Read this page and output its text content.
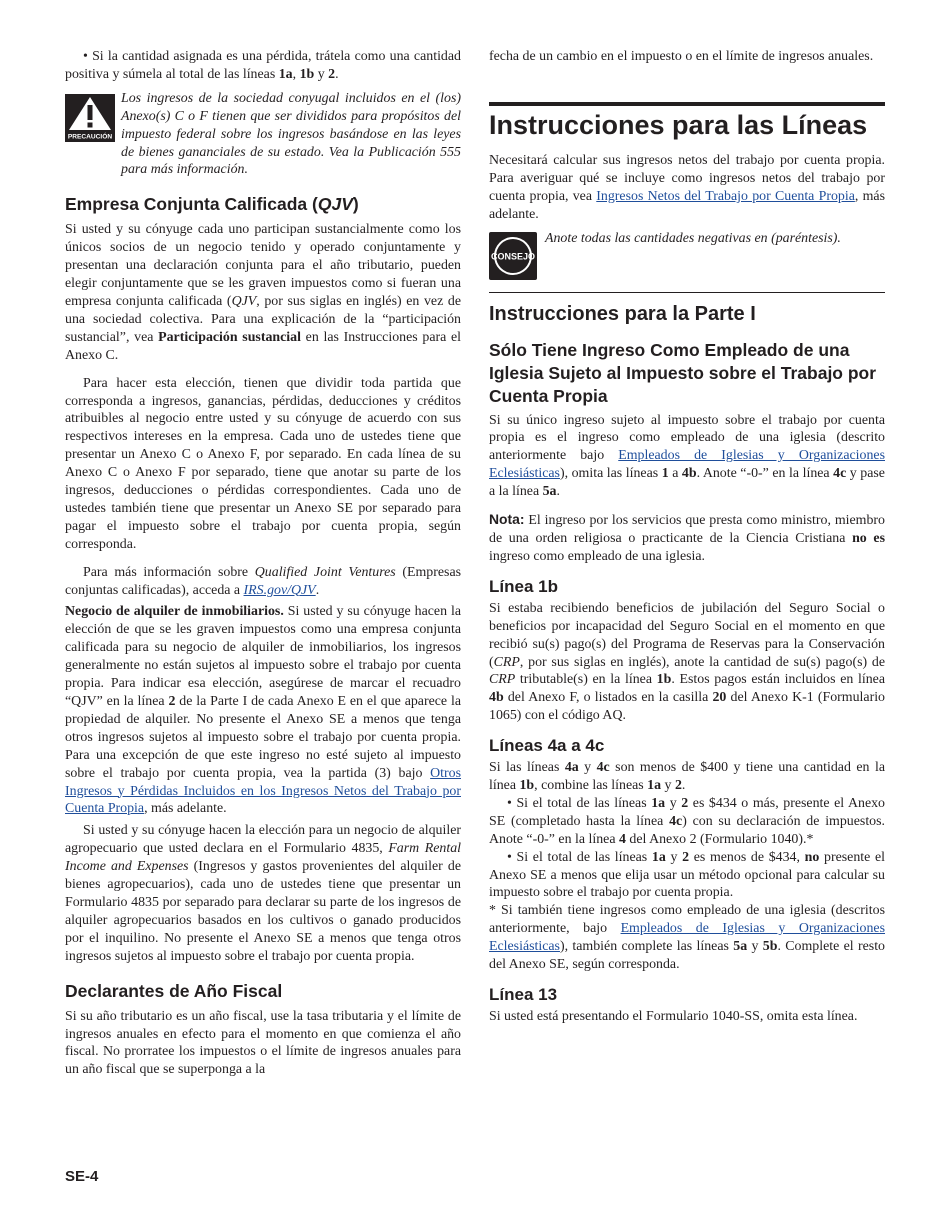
• Si la cantidad asignada es una pérdida, trátela como una cantidad positiva y súmela al total de las líneas 1a, 1b y 2.

PRECAUCIÓN

Los ingresos de la sociedad conyugal incluidos en el (los) Anexo(s) C o F tienen que ser divididos para propósitos del impuesto federal sobre los ingresos basándose en las leyes de bienes gananciales de su estado. Vea la Publicación 555 para más información.

Empresa Conjunta Calificada (QJV)

Si usted y su cónyuge cada uno participan sustancialmente como los únicos socios de un negocio tenido y operado conjuntamente y presentan una declaración conjunta para el año tributario, pueden elegir conjuntamente que se les graven impuestos como si fueran una empresa conjunta calificada (QJV, por sus siglas en inglés) en vez de una sociedad colectiva. Para una explicación de la “participación sustancial”, vea Participación sustancial en las Instrucciones para el Anexo C.

Para hacer esta elección, tienen que dividir toda partida que corresponda a ingresos, ganancias, pérdidas, deducciones y créditos atribuibles al negocio entre usted y su cónyuge de acuerdo con sus respectivos intereses en la empresa. Cada uno de ustedes tiene que presentar un Anexo C o Anexo F, por separado. En cada línea de su Anexo C o Anexo F por separado, tiene que anotar su parte de los ingresos, deducciones o pérdidas correspondientes. Cada uno de ustedes también tiene que presentar un Anexo SE por separado para pagar el impuesto sobre el trabajo por cuenta propia, según corresponda.

Para más información sobre Qualified Joint Ventures (Empresas conjuntas calificadas), acceda a IRS.gov/QJV.

Negocio de alquiler de inmobiliarios. Si usted y su cónyuge hacen la elección de que se les graven impuestos como una empresa conjunta calificada para su negocio de alquiler de inmobiliarios, los ingresos generalmente no están sujetos al impuesto sobre el trabajo por cuenta propia. Para indicar esa elección, asegúrese de marcar el recuadro “QJV” en la línea 2 de la Parte I de cada Anexo E en el que aparece la propiedad de alquiler. No presente el Anexo SE a menos que tenga otros ingresos sujetos al impuesto sobre el trabajo por cuenta propia. Para una excepción de que este ingreso no esté sujeto al impuesto sobre el trabajo por cuenta propia, vea la partida (3) bajo Otros Ingresos y Pérdidas Incluidos en los Ingresos Netos del Trabajo por Cuenta Propia, más adelante.

Si usted y su cónyuge hacen la elección para un negocio de alquiler agropecuario que usted declara en el Formulario 4835, Farm Rental Income and Expenses (Ingresos y gastos provenientes del alquiler de bienes agropecuarios), cada uno de ustedes tiene que presentar un Formulario 4835 por separado para declarar su parte de los ingresos de alquiler agropecuarios basados en los cultivos o ganado producidos por el inquilino. No presente el Anexo SE a menos que tenga otros ingresos sujetos al impuesto sobre el trabajo por cuenta propia.

Declarantes de Año Fiscal

Si su año tributario es un año fiscal, use la tasa tributaria y el límite de ingresos anuales en efecto para el momento en que comienza el año fiscal. No prorratee los impuestos o el límite de ingresos anuales para un año fiscal que se superponga a la

fecha de un cambio en el impuesto o en el límite de ingresos anuales.

Instrucciones para las Líneas

Necesitará calcular sus ingresos netos del trabajo por cuenta propia. Para averiguar qué se incluye como ingresos netos del trabajo por cuenta propia, vea Ingresos Netos del Trabajo por Cuenta Propia, más adelante.

CONSEJO

Anote todas las cantidades negativas en (paréntesis).

Instrucciones para la Parte I
Sólo Tiene Ingreso Como Empleado de una Iglesia Sujeto al Impuesto sobre el Trabajo por Cuenta Propia

Si su único ingreso sujeto al impuesto sobre el trabajo por cuenta propia es el ingreso como empleado de una iglesia (descrito anteriormente bajo Empleados de Iglesias y Organizaciones Eclesiásticas), omita las líneas 1 a 4b. Anote “-0-” en la línea 4c y pase a la línea 5a.

Nota: El ingreso por los servicios que presta como ministro, miembro de una orden religiosa o practicante de la Ciencia Cristiana no es ingreso como empleado de una iglesia.

Línea 1b

Si estaba recibiendo beneficios de jubilación del Seguro Social o beneficios por incapacidad del Seguro Social en el momento en que recibió su(s) pago(s) del Programa de Reservas para la Conservación (CRP, por sus siglas en inglés), anote la cantidad de su(s) pago(s) de CRP tributable(s) en la línea 1b. Estos pagos están incluidos en línea 4b del Anexo F, o listados en la casilla 20 del Anexo K-1 (Formulario 1065) con el código AQ.

Líneas 4a a 4c

Si las líneas 4a y 4c son menos de $400 y tiene una cantidad en la línea 1b, combine las líneas 1a y 2.

• Si el total de las líneas 1a y 2 es $434 o más, presente el Anexo SE (completado hasta la línea 4c) con su declaración de impuestos. Anote “-0-” en la línea 4 del Anexo 2 (Formulario 1040).*

• Si el total de las líneas 1a y 2 es menos de $434, no presente el Anexo SE a menos que elija usar un método opcional para calcular su impuesto sobre el trabajo por cuenta propia.

* Si también tiene ingresos como empleado de una iglesia (descritos anteriormente, bajo Empleados de Iglesias y Organizaciones Eclesiásticas), también complete las líneas 5a y 5b. Complete el resto del Anexo SE, según corresponda.

Línea 13

Si usted está presentando el Formulario 1040-SS, omita esta línea.

SE-4
